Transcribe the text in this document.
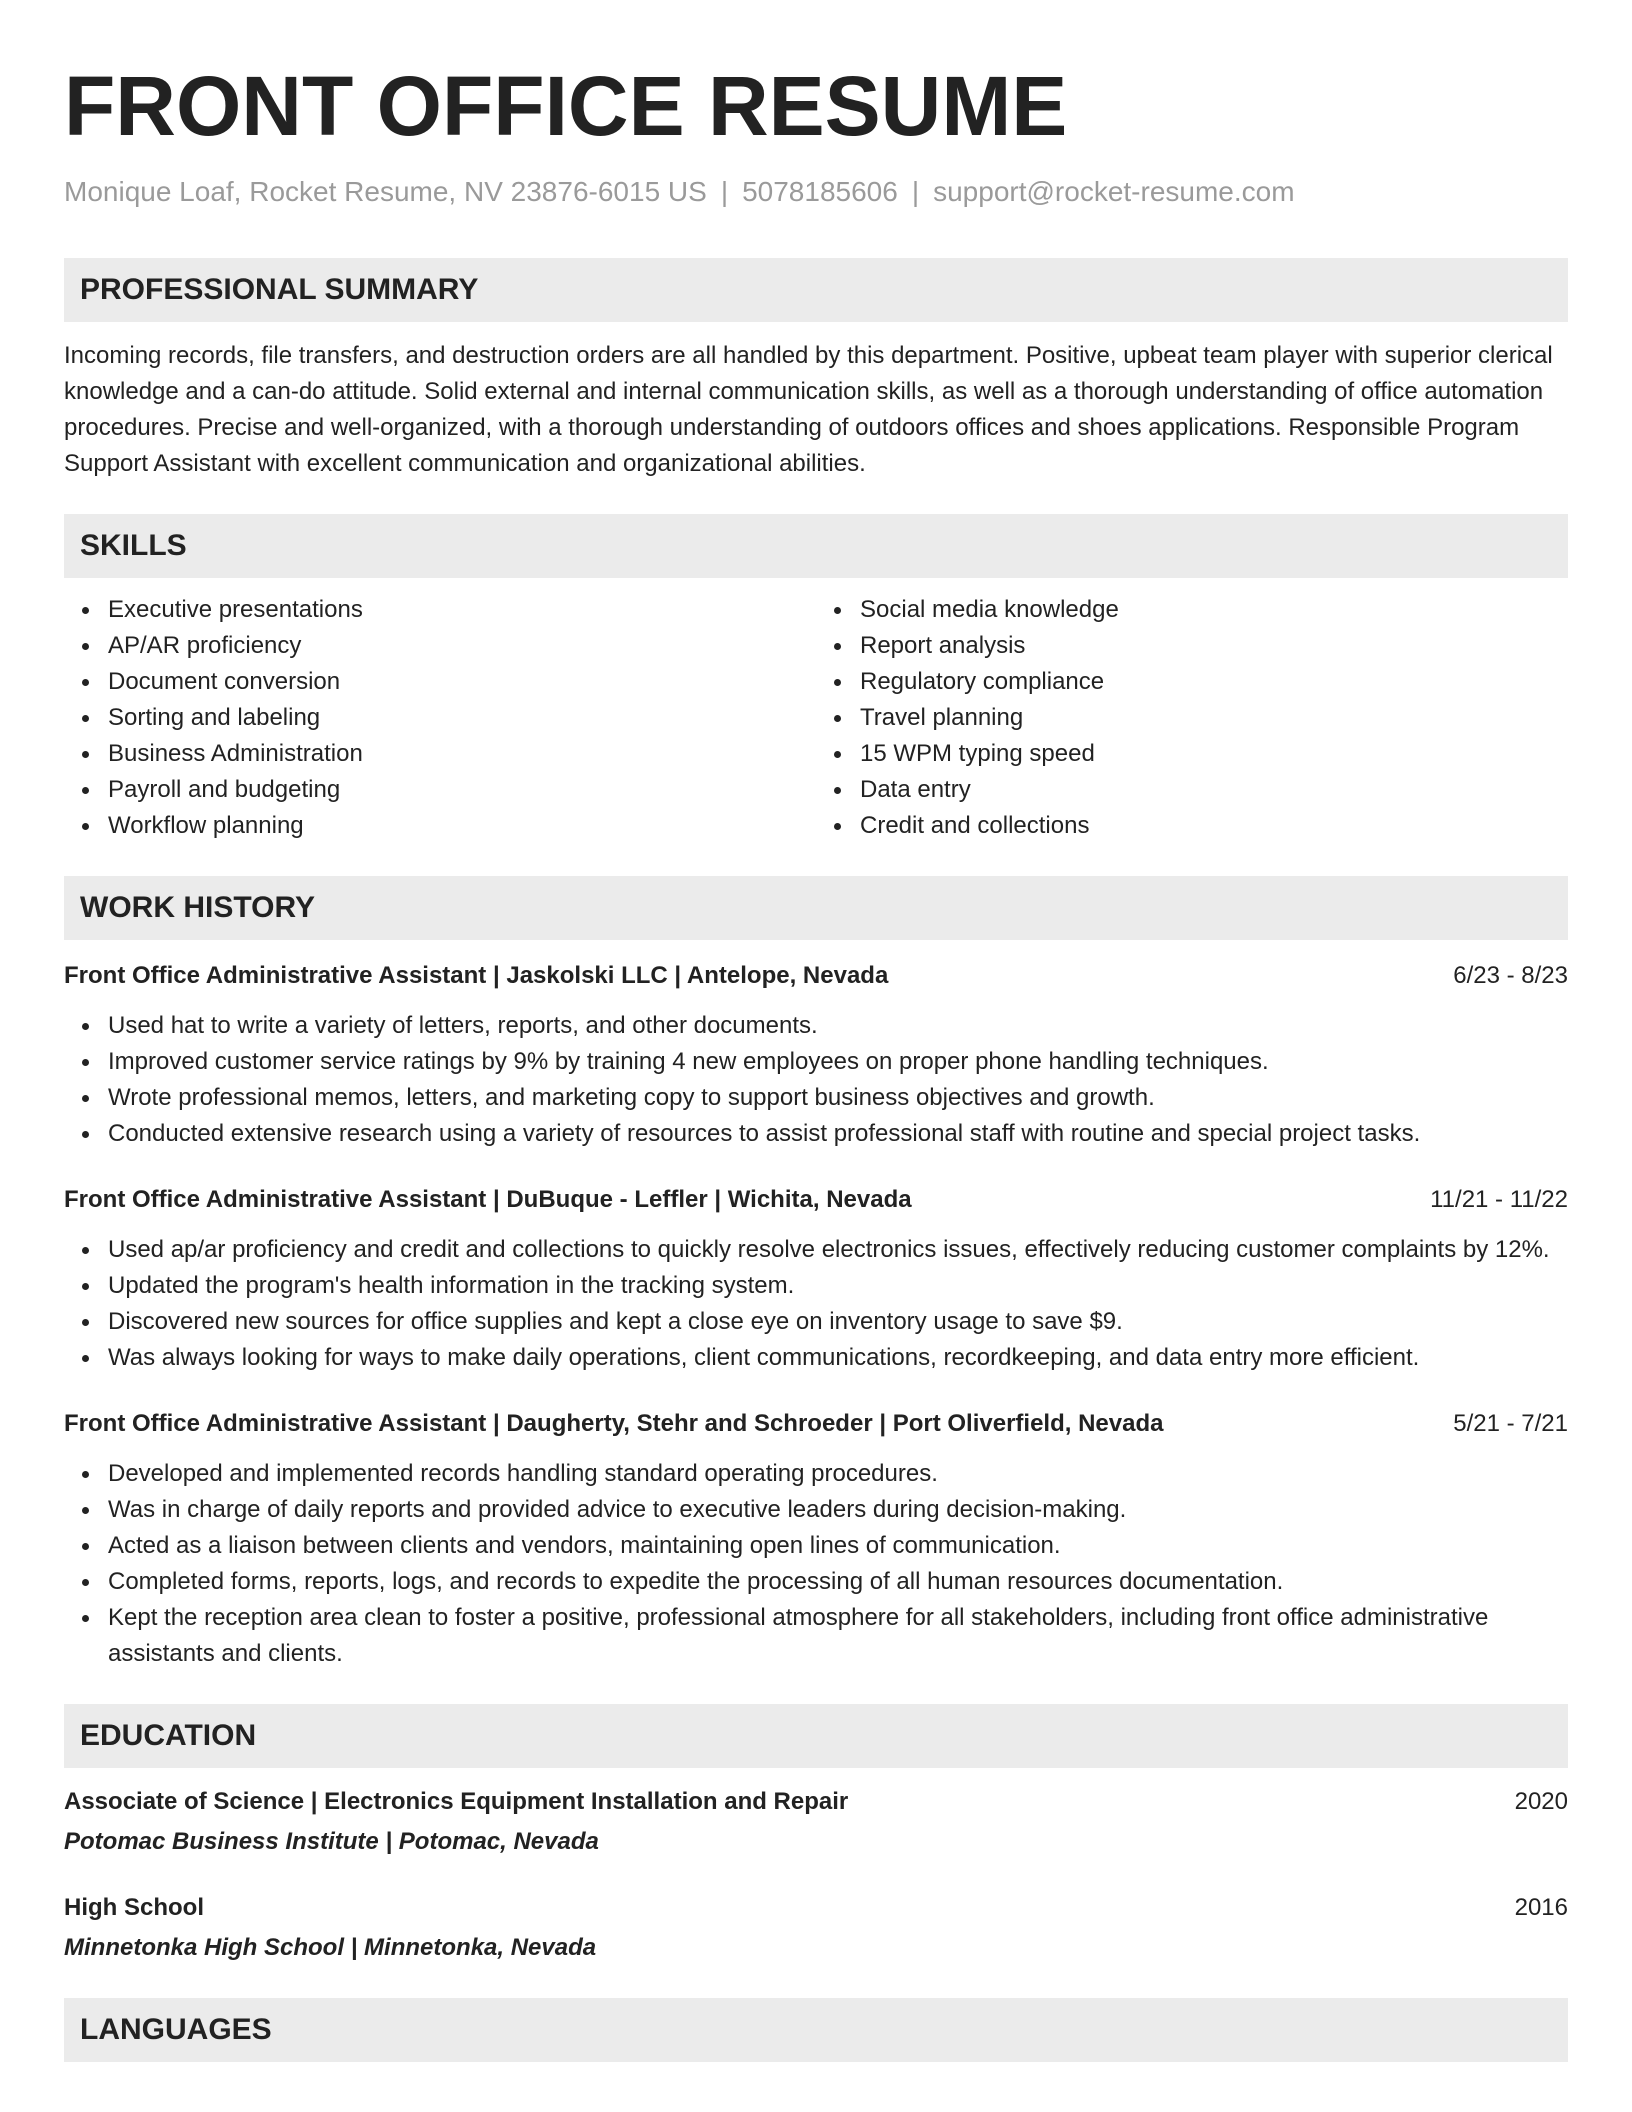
FRONT OFFICE RESUME
Monique Loaf, Rocket Resume, NV 23876-6015 US | 5078185606 | support@rocket-resume.com
PROFESSIONAL SUMMARY
Incoming records, file transfers, and destruction orders are all handled by this department. Positive, upbeat team player with superior clerical knowledge and a can-do attitude. Solid external and internal communication skills, as well as a thorough understanding of office automation procedures. Precise and well-organized, with a thorough understanding of outdoors offices and shoes applications. Responsible Program Support Assistant with excellent communication and organizational abilities.
SKILLS
Executive presentations
AP/AR proficiency
Document conversion
Sorting and labeling
Business Administration
Payroll and budgeting
Workflow planning
Social media knowledge
Report analysis
Regulatory compliance
Travel planning
15 WPM typing speed
Data entry
Credit and collections
WORK HISTORY
Front Office Administrative Assistant | Jaskolski LLC | Antelope, Nevada	6/23 - 8/23
Used hat to write a variety of letters, reports, and other documents.
Improved customer service ratings by 9% by training 4 new employees on proper phone handling techniques.
Wrote professional memos, letters, and marketing copy to support business objectives and growth.
Conducted extensive research using a variety of resources to assist professional staff with routine and special project tasks.
Front Office Administrative Assistant | DuBuque - Leffler | Wichita, Nevada	11/21 - 11/22
Used ap/ar proficiency and credit and collections to quickly resolve electronics issues, effectively reducing customer complaints by 12%.
Updated the program's health information in the tracking system.
Discovered new sources for office supplies and kept a close eye on inventory usage to save $9.
Was always looking for ways to make daily operations, client communications, recordkeeping, and data entry more efficient.
Front Office Administrative Assistant | Daugherty, Stehr and Schroeder | Port Oliverfield, Nevada	5/21 - 7/21
Developed and implemented records handling standard operating procedures.
Was in charge of daily reports and provided advice to executive leaders during decision-making.
Acted as a liaison between clients and vendors, maintaining open lines of communication.
Completed forms, reports, logs, and records to expedite the processing of all human resources documentation.
Kept the reception area clean to foster a positive, professional atmosphere for all stakeholders, including front office administrative assistants and clients.
EDUCATION
Associate of Science | Electronics Equipment Installation and Repair	2020
Potomac Business Institute | Potomac, Nevada
High School	2016
Minnetonka High School | Minnetonka, Nevada
LANGUAGES
